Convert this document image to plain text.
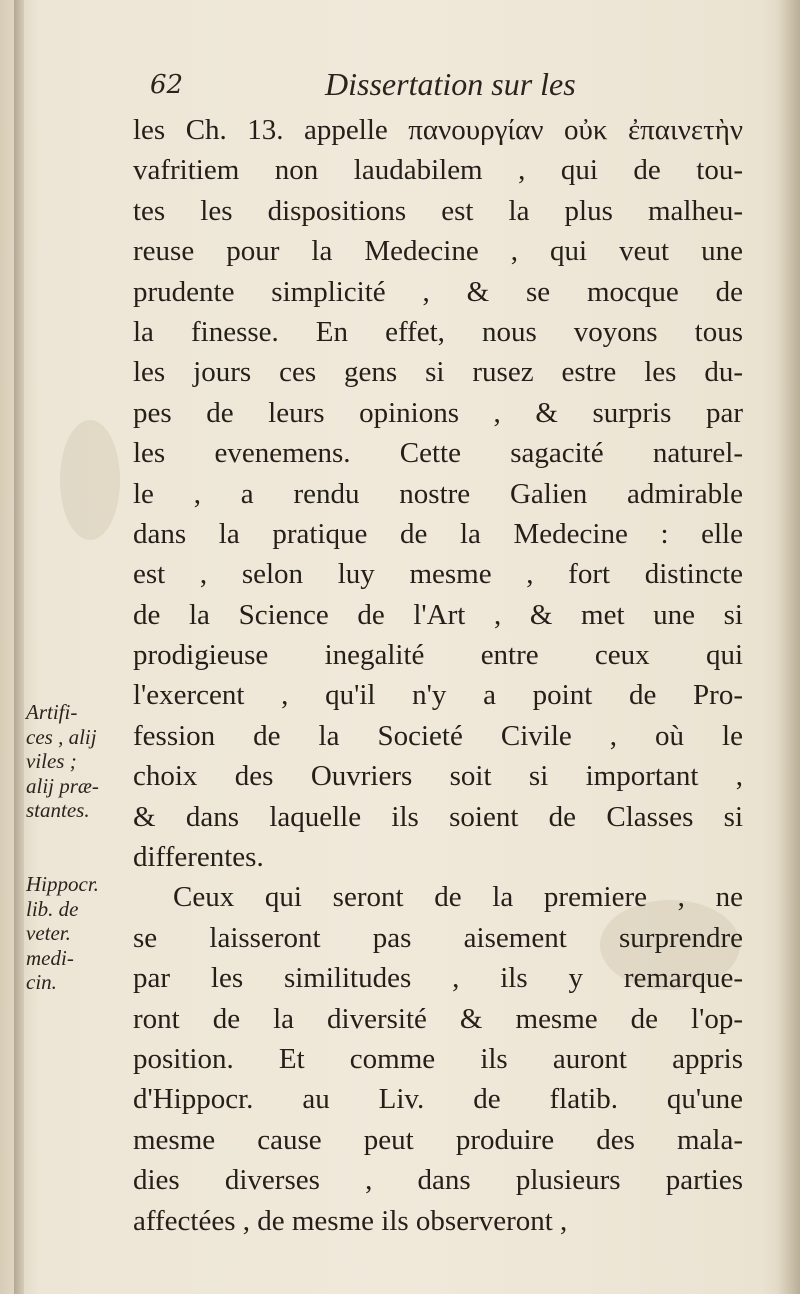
62	Dissertation sur les
les Ch. 13. appelle πανουργίαν οὐκ ἐπαινετὴν
vafritiem non laudabilem , qui de tou-
tes les dispositions est la plus malheu-
reuse pour la Medecine , qui veut une
prudente simplicité , & se mocque de
la finesse. En effet, nous voyons tous
les jours ces gens si rusez estre les du-
pes de leurs opinions , & surpris par
les evenemens. Cette sagacité naturel-
le , a rendu nostre Galien admirable
dans la pratique de la Medecine : elle
est , selon luy mesme , fort distincte
de la Science de l'Art , & met une si
prodigieuse inegalité entre ceux qui
l'exercent , qu'il n'y a point de Pro-
fession de la Societé Civile , où le
choix des Ouvriers soit si important ,
& dans laquelle ils soient de Classes si
differentes.
Ceux qui seront de la premiere , ne
se laisseront pas aisement surprendre
par les similitudes , ils y remarque-
ront de la diversité & mesme de l'op-
position. Et comme ils auront appris
d'Hippocr. au Liv. de flatib. qu'une
mesme cause peut produire des mala-
dies diverses , dans plusieurs parties
affectées , de mesme ils observeront ,
Artifi-
ces , alij
viles ;
alij præ-
stantes.
Hippocr.
lib. de
veter.
medi-
cin.
